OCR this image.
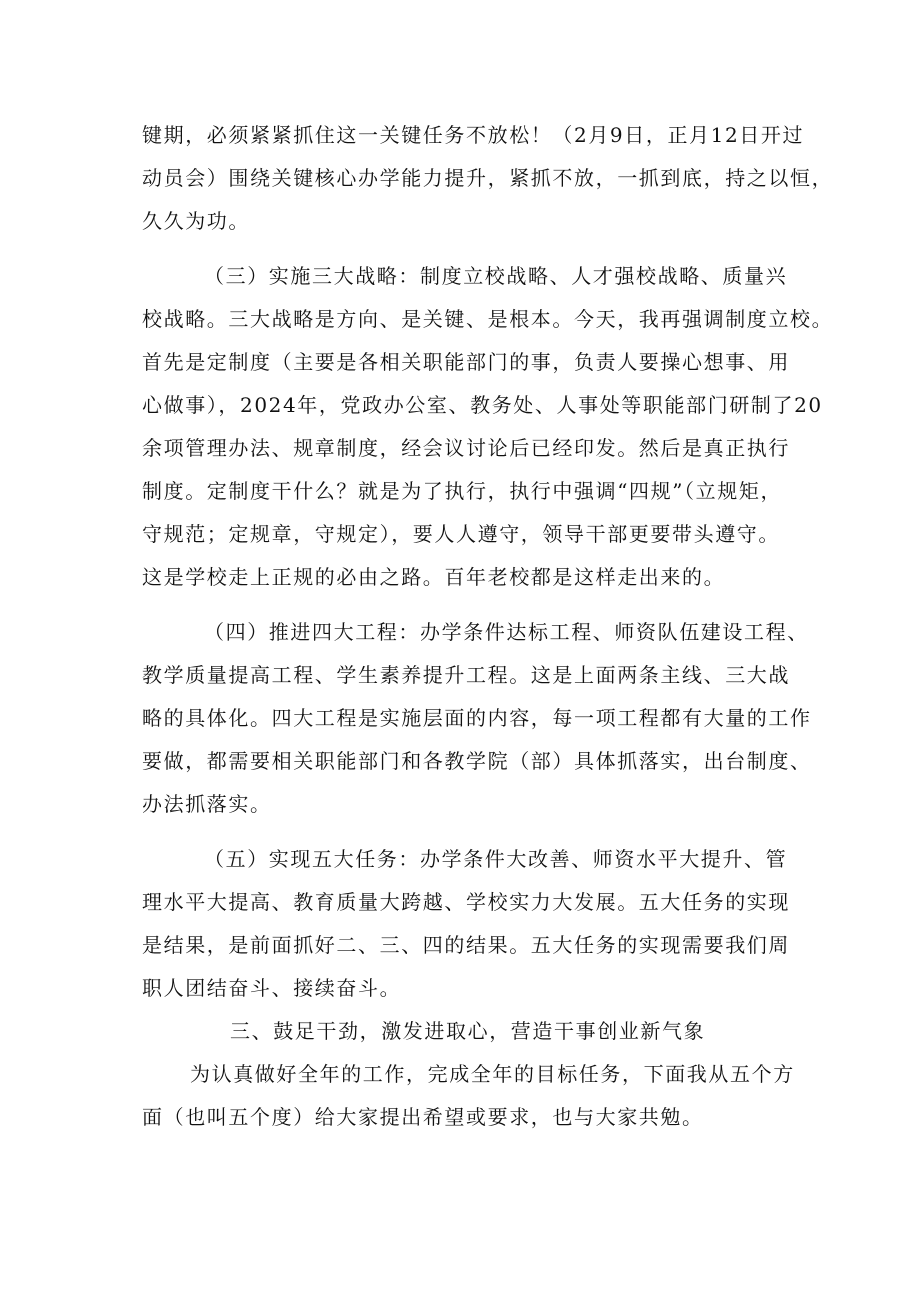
键期，必须紧紧抓住这一关键任务不放松！（2月9日，正月12日开过
动员会）围绕关键核心办学能力提升，紧抓不放，一抓到底，持之以恒，
久久为功。
（三）实施三大战略：制度立校战略、人才强校战略、质量兴
校战略。三大战略是方向、是关键、是根本。今天，我再强调制度立校。
首先是定制度（主要是各相关职能部门的事，负责人要操心想事、用
心做事），2024年，党政办公室、教务处、人事处等职能部门研制了20
余项管理办法、规章制度，经会议讨论后已经印发。然后是真正执行
制度。定制度干什么？就是为了执行，执行中强调“四规”（立规矩，
守规范；定规章，守规定），要人人遵守，领导干部更要带头遵守。
这是学校走上正规的必由之路。百年老校都是这样走出来的。
（四）推进四大工程：办学条件达标工程、师资队伍建设工程、
教学质量提高工程、学生素养提升工程。这是上面两条主线、三大战
略的具体化。四大工程是实施层面的内容，每一项工程都有大量的工作
要做，都需要相关职能部门和各教学院（部）具体抓落实，出台制度、
办法抓落实。
（五）实现五大任务：办学条件大改善、师资水平大提升、管
理水平大提高、教育质量大跨越、学校实力大发展。五大任务的实现
是结果，是前面抓好二、三、四的结果。五大任务的实现需要我们周
职人团结奋斗、接续奋斗。
三、鼓足干劲，激发进取心，营造干事创业新气象
为认真做好全年的工作，完成全年的目标任务，下面我从五个方
面（也叫五个度）给大家提出希望或要求，也与大家共勉。
